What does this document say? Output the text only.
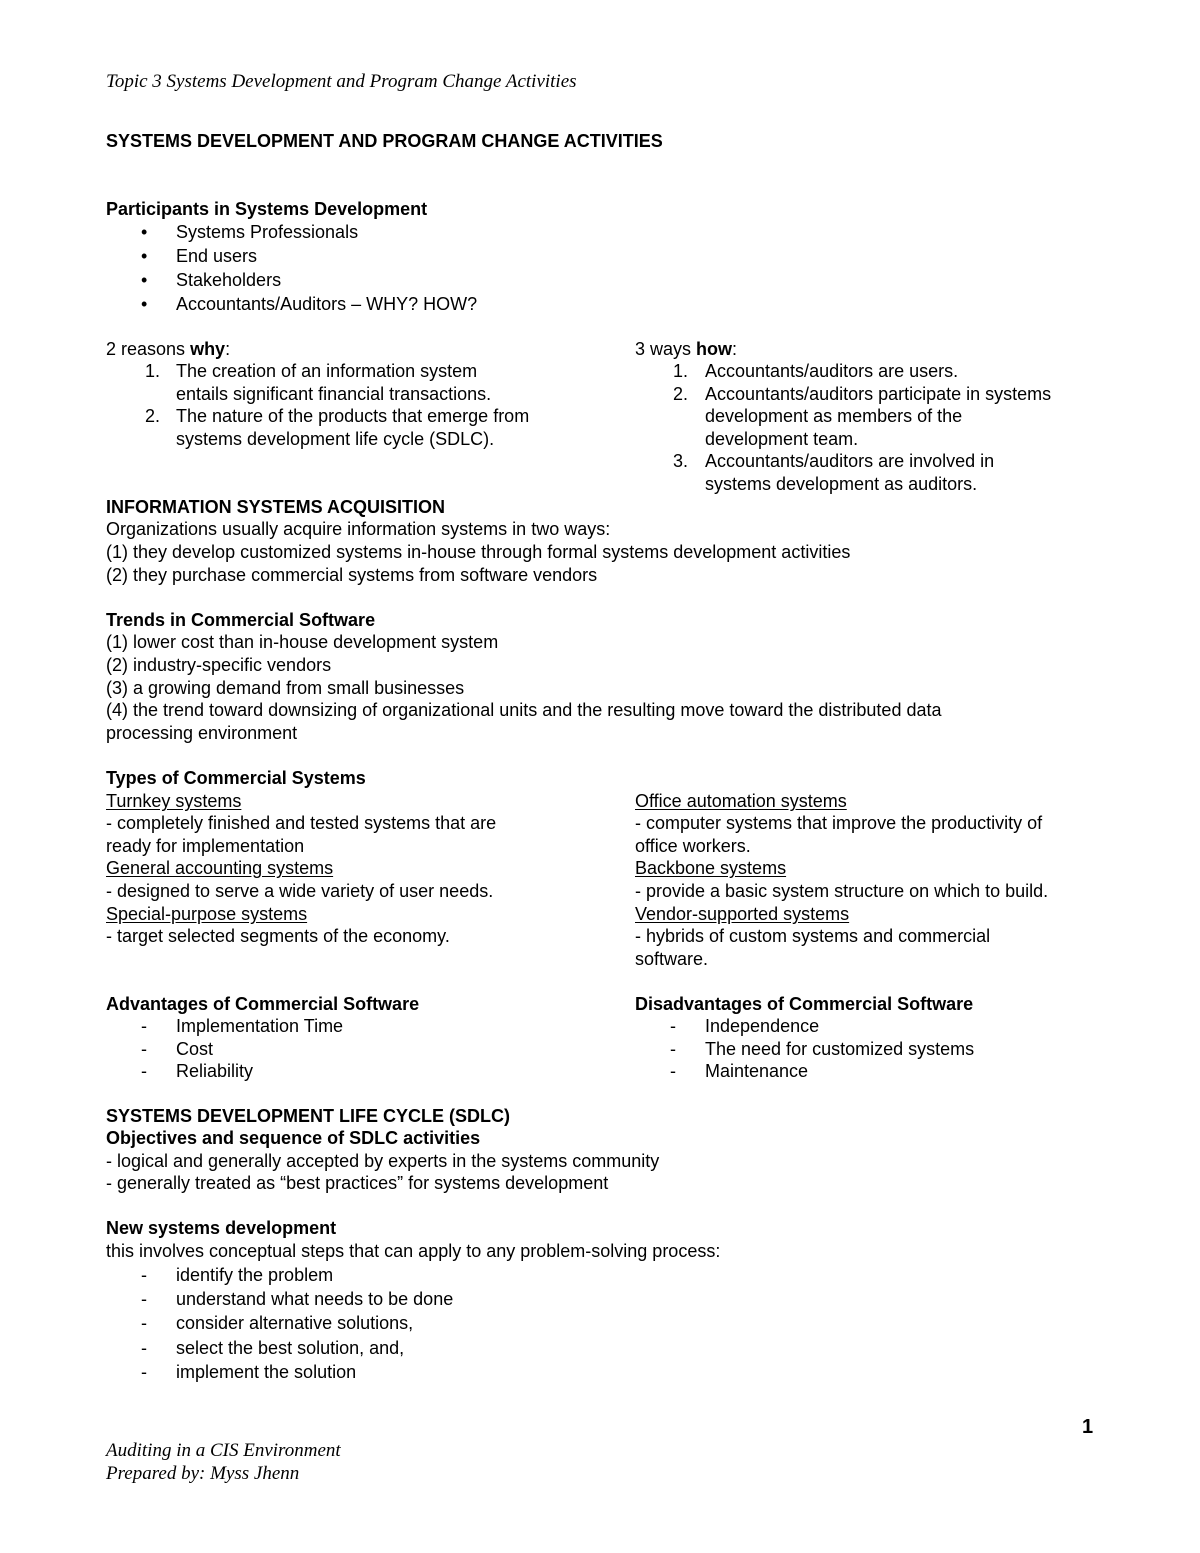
Topic 3 Systems Development and Program Change Activities
SYSTEMS DEVELOPMENT AND PROGRAM CHANGE ACTIVITIES
Participants in Systems Development
• Systems Professionals
• End users
• Stakeholders
• Accountants/Auditors – WHY? HOW?
2 reasons why:
1. The creation of an information system
entails significant financial transactions.
2. The nature of the products that emerge from
systems development life cycle (SDLC).
3 ways how:
1. Accountants/auditors are users.
2. Accountants/auditors participate in systems
development as members of the
development team.
3. Accountants/auditors are involved in
systems development as auditors.
INFORMATION SYSTEMS ACQUISITION
Organizations usually acquire information systems in two ways:
(1) they develop customized systems in-house through formal systems development activities
(2) they purchase commercial systems from software vendors
Trends in Commercial Software
(1) lower cost than in-house development system
(2) industry-specific vendors
(3) a growing demand from small businesses
(4) the trend toward downsizing of organizational units and the resulting move toward the distributed data
processing environment
Types of Commercial Systems
Turnkey systems
- completely finished and tested systems that are
ready for implementation
General accounting systems
- designed to serve a wide variety of user needs.
Special-purpose systems
- target selected segments of the economy.
Office automation systems
- computer systems that improve the productivity of
office workers.
Backbone systems
- provide a basic system structure on which to build.
Vendor-supported systems
- hybrids of custom systems and commercial
software.
Advantages of Commercial Software
- Implementation Time
- Cost
- Reliability
Disadvantages of Commercial Software
- Independence
- The need for customized systems
- Maintenance
SYSTEMS DEVELOPMENT LIFE CYCLE (SDLC)
Objectives and sequence of SDLC activities
- logical and generally accepted by experts in the systems community
- generally treated as “best practices” for systems development
New systems development
this involves conceptual steps that can apply to any problem-solving process:
- identify the problem
- understand what needs to be done
- consider alternative solutions,
- select the best solution, and,
- implement the solution
1
Auditing in a CIS Environment
Prepared by: Myss Jhenn
